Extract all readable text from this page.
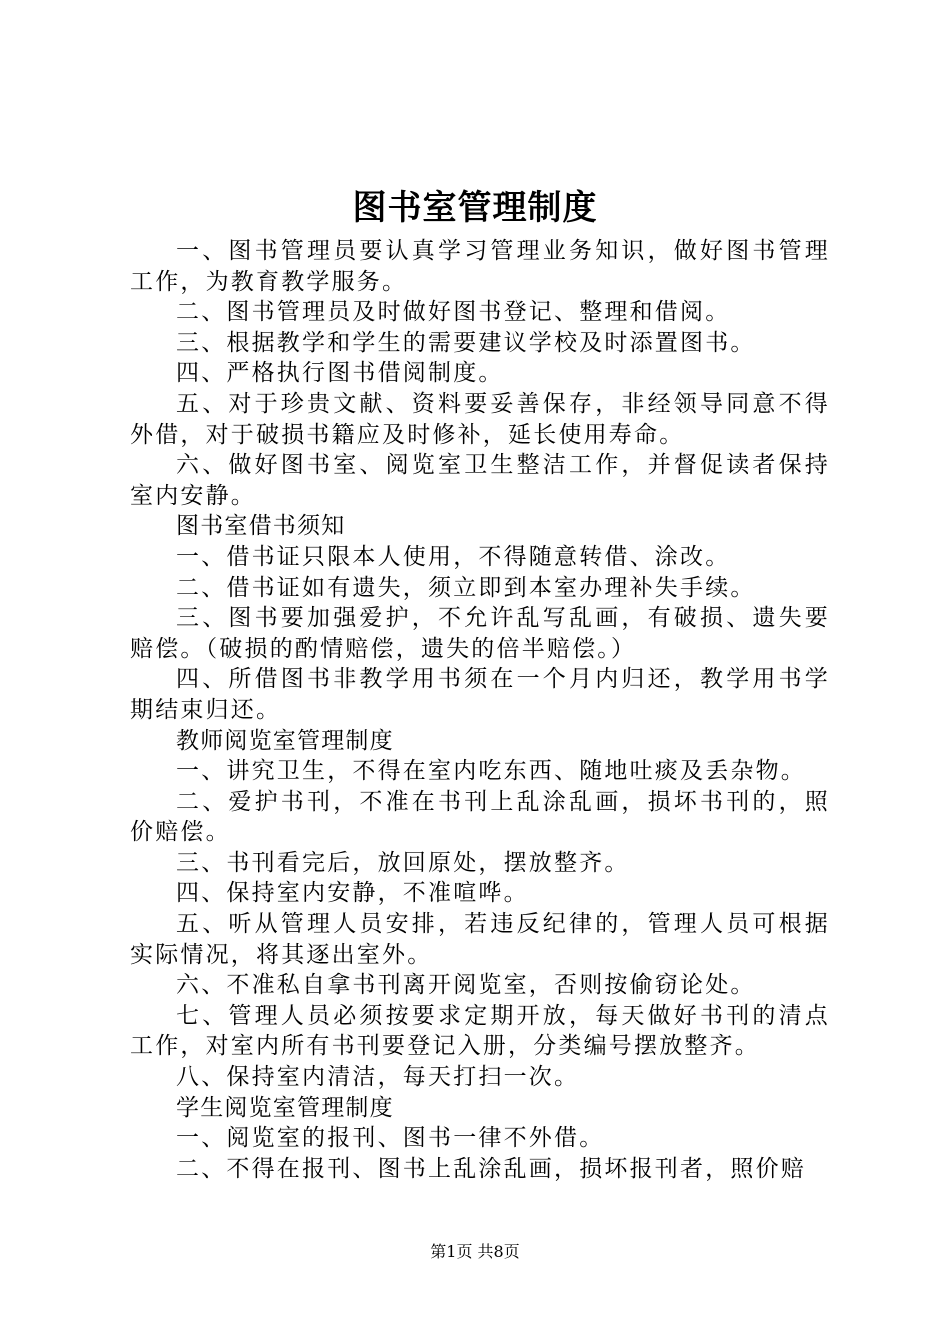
图书室管理制度

一、图书管理员要认真学习管理业务知识，做好图书管理工作，为教育教学服务。

二、图书管理员及时做好图书登记、整理和借阅。

三、根据教学和学生的需要建议学校及时添置图书。

四、严格执行图书借阅制度。

五、对于珍贵文献、资料要妥善保存，非经领导同意不得外借，对于破损书籍应及时修补，延长使用寿命。

六、做好图书室、阅览室卫生整洁工作，并督促读者保持室内安静。

图书室借书须知

一、借书证只限本人使用，不得随意转借、涂改。

二、借书证如有遗失，须立即到本室办理补失手续。

三、图书要加强爱护，不允许乱写乱画，有破损、遗失要赔偿。（破损的酌情赔偿，遗失的倍半赔偿。）

四、所借图书非教学用书须在一个月内归还，教学用书学期结束归还。

教师阅览室管理制度

一、讲究卫生，不得在室内吃东西、随地吐痰及丢杂物。

二、爱护书刊，不准在书刊上乱涂乱画，损坏书刊的，照价赔偿。

三、书刊看完后，放回原处，摆放整齐。

四、保持室内安静，不准喧哗。

五、听从管理人员安排，若违反纪律的，管理人员可根据实际情况，将其逐出室外。

六、不准私自拿书刊离开阅览室，否则按偷窃论处。

七、管理人员必须按要求定期开放，每天做好书刊的清点工作，对室内所有书刊要登记入册，分类编号摆放整齐。

八、保持室内清洁，每天打扫一次。

学生阅览室管理制度

一、阅览室的报刊、图书一律不外借。

二、不得在报刊、图书上乱涂乱画，损坏报刊者，照价赔

第1页 共8页
